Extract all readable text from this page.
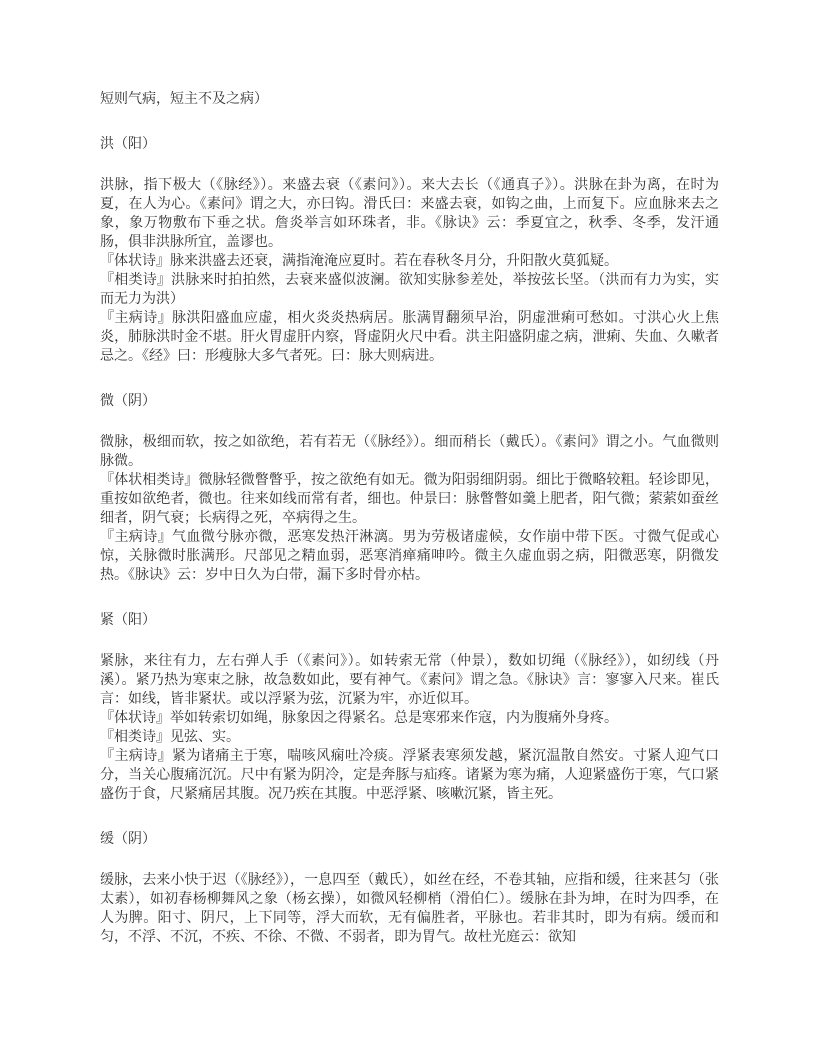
短则气病，短主不及之病）

洪（阳）

洪脉，指下极大（《脉经》）。来盛去衰（《素问》）。来大去长（《通真子》）。洪脉在卦为离，在时为夏，在人为心。《素问》谓之大，亦曰钩。滑氏曰：来盛去衰，如钩之曲，上而复下。应血脉来去之象，象万物敷布下垂之状。詹炎举言如环珠者，非。《脉诀》云：季夏宜之，秋季、冬季，发汗通肠，俱非洪脉所宜，盖谬也。

『体状诗』脉来洪盛去还衰，满指淹淹应夏时。若在春秋冬月分，升阳散火莫狐疑。

『相类诗』洪脉来时拍拍然，去衰来盛似波澜。欲知实脉参差处，举按弦长坚。（洪而有力为实，实而无力为洪）

『主病诗』脉洪阳盛血应虚，相火炎炎热病居。胀满胃翻须早治，阴虚泄痢可愁如。寸洪心火上焦炎，肺脉洪时金不堪。肝火胃虚肝内察，肾虚阴火尺中看。洪主阳盛阴虚之病，泄痢、失血、久嗽者忌之。《经》曰：形瘦脉大多气者死。曰：脉大则病进。

微（阴）

微脉，极细而软，按之如欲绝，若有若无（《脉经》）。细而稍长（戴氏）。《素问》谓之小。气血微则脉微。

『体状相类诗』微脉轻微瞥瞥乎，按之欲绝有如无。微为阳弱细阴弱。细比于微略较粗。轻诊即见，重按如欲绝者，微也。往来如线而常有者，细也。仲景曰：脉瞥瞥如羹上肥者，阳气微；萦萦如蚕丝细者，阴气衰；长病得之死，卒病得之生。

『主病诗』气血微兮脉亦微，恶寒发热汗淋漓。男为劳极诸虚候，女作崩中带下医。寸微气促或心惊，关脉微时胀满形。尺部见之精血弱，恶寒消瘅痛呻吟。微主久虚血弱之病，阳微恶寒，阴微发热。《脉诀》云：岁中日久为白带，漏下多时骨亦枯。

紧（阳）

紧脉，来往有力，左右弹人手（《素问》）。如转索无常（仲景），数如切绳（《脉经》），如纫线（丹溪）。紧乃热为寒束之脉，故急数如此，要有神气。《素问》谓之急。《脉诀》言：寥寥入尺来。崔氏言：如线，皆非紧状。或以浮紧为弦，沉紧为牢，亦近似耳。

『体状诗』举如转索切如绳，脉象因之得紧名。总是寒邪来作寇，内为腹痛外身疼。

『相类诗』见弦、实。

『主病诗』紧为诸痛主于寒，喘咳风痫吐冷痰。浮紧表寒须发越，紧沉温散自然安。寸紧人迎气口分，当关心腹痛沉沉。尺中有紧为阴冷，定是奔豚与疝疼。诸紧为寒为痛，人迎紧盛伤于寒，气口紧盛伤于食，尺紧痛居其腹。况乃疾在其腹。中恶浮紧、咳嗽沉紧，皆主死。

缓（阴）

缓脉，去来小快于迟（《脉经》），一息四至（戴氏），如丝在经，不卷其轴，应指和缓，往来甚匀（张太素），如初春杨柳舞风之象（杨玄操），如微风轻柳梢（滑伯仁）。缓脉在卦为坤，在时为四季，在人为脾。阳寸、阴尺，上下同等，浮大而软，无有偏胜者，平脉也。若非其时，即为有病。缓而和匀，不浮、不沉，不疾、不徐、不微、不弱者，即为胃气。故杜光庭云：欲知
